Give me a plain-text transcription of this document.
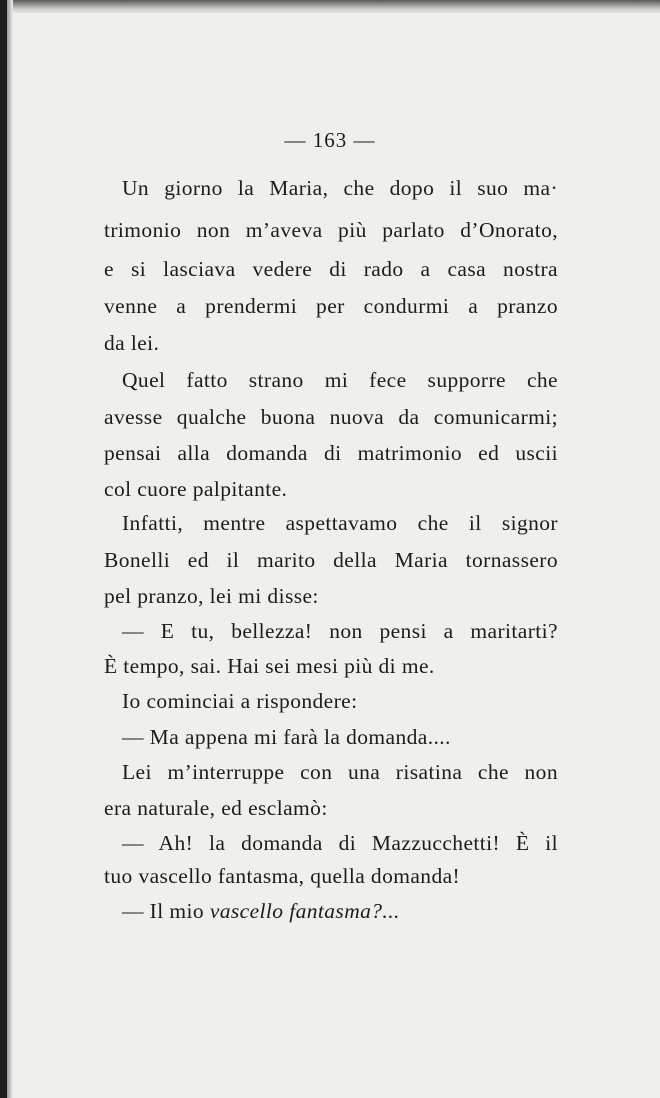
— 163 —
Un giorno la Maria, che dopo il suo ma·
trimonio non m’aveva più parlato d’Onorato,
e si lasciava vedere di rado a casa nostra
venne a prendermi per condurmi a pranzo
da lei.
Quel fatto strano mi fece supporre che
avesse qualche buona nuova da comunicarmi;
pensai alla domanda di matrimonio ed uscii
col cuore palpitante.
Infatti, mentre aspettavamo che il signor
Bonelli ed il marito della Maria tornassero
pel pranzo, lei mi disse:
— E tu, bellezza! non pensi a maritarti?
È tempo, sai. Hai sei mesi più di me.
Io cominciai a rispondere:
— Ma appena mi farà la domanda....
Lei m’interruppe con una risatina che non
era naturale, ed esclamò:
— Ah! la domanda di Mazzucchetti! È il
tuo vascello fantasma, quella domanda!
— Il mio vascello fantasma?...
